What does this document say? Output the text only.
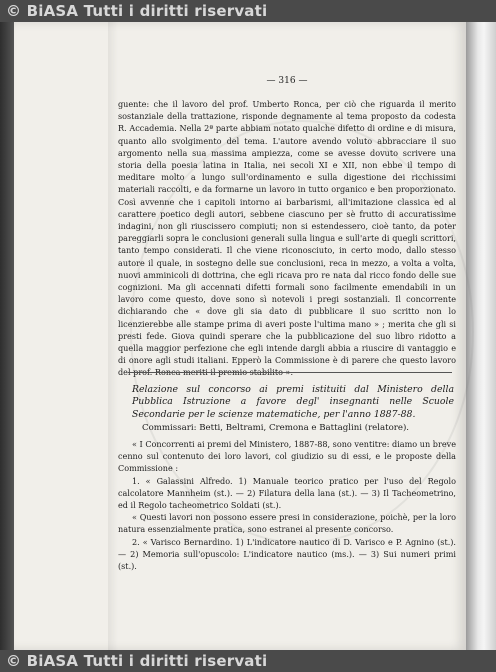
© BiASA Tutti i diritti riservati
— 316 —

guente: che il lavoro del prof. Umberto Ronca, per ciò che riguarda il merito sostanziale della trattazione, risponde degnamente al tema proposto da codesta R. Accademia. Nella 2ª parte abbiam notato qualche difetto di ordine e di misura, quanto allo svolgimento del tema. L'autore avendo voluto abbracciare il suo argomento nella sua massima ampiezza, come se avesse dovuto scrivere una storia della poesia latina in Italia, nei secoli XI e XII, non ebbe il tempo di meditare molto a lungo sull'ordinamento e sulla digestione dei ricchissimi materiali raccolti, e da formarne un lavoro in tutto organico e ben proporzionato. Così avvenne che i capitoli intorno ai barbarismi, all'imitazione classica ed al carattere poetico degli autori, sebbene ciascuno per sè frutto di accuratissime indagini, non gli riuscissero compiuti; non si estendessero, cioè tanto, da poter pareggiarli sopra le conclusioni generali sulla lingua e sull'arte di quegli scrittori, tanto tempo considerati. Il che viene riconosciuto, in certo modo, dallo stesso autore il quale, in sostegno delle sue conclusioni, reca in mezzo, a volta a volta, nuovi amminicoli di dottrina, che egli ricava pro re nata dal ricco fondo delle sue cognizioni. Ma gli accennati difetti formali sono facilmente emendabili in un lavoro come questo, dove sono sì notevoli i pregi sostanziali. Il concorrente dichiarando che « dove gli sia dato di pubblicare il suo scritto non lo licenzierebbe alle stampe prima di averi poste l'ultima mano » ; merita che gli si presti fede. Giova quindi sperare che la pubblicazione del suo libro ridotto a quella maggior perfezione che egli intende dargli abbia a riuscire di vantaggio e di onore agli studi italiani. Epperò la Commissione è di parere che questo lavoro del prof. Ronca meriti il premio stabilito ».

Relazione sul concorso ai premi istituiti dal Ministero della Pubblica Istruzione a favore degl' insegnanti nelle Scuole Secondarie per le scienze matematiche, per l'anno 1887-88.
Commissari: Betti, Beltrami, Cremona e Battaglini (relatore).

« I Concorrenti ai premi del Ministero, 1887-88, sono ventitre: diamo un breve cenno sul contenuto dei loro lavori, col giudizio su di essi, e le proposte della Commissione :

1. « Galassini Alfredo. 1) Manuale teorico pratico per l'uso del Regolo calcolatore Mannheim (st.). — 2) Filatura della lana (st.). — 3) Il Tacheometrino, ed il Regolo tacheometrico Soldati (st.).

« Questi lavori non possono essere presi in considerazione, poichè, per la loro natura essenzialmente pratica, sono estranei al presente concorso.

2. « Varisco Bernardino. 1) L'indicatore nautico di D. Varisco e P. Agnino (st.). — 2) Memoria sull'opuscolo: L'indicatore nautico (ms.). — 3) Sui numeri primi (st.).

© BiASA Tutti i diritti riservati
